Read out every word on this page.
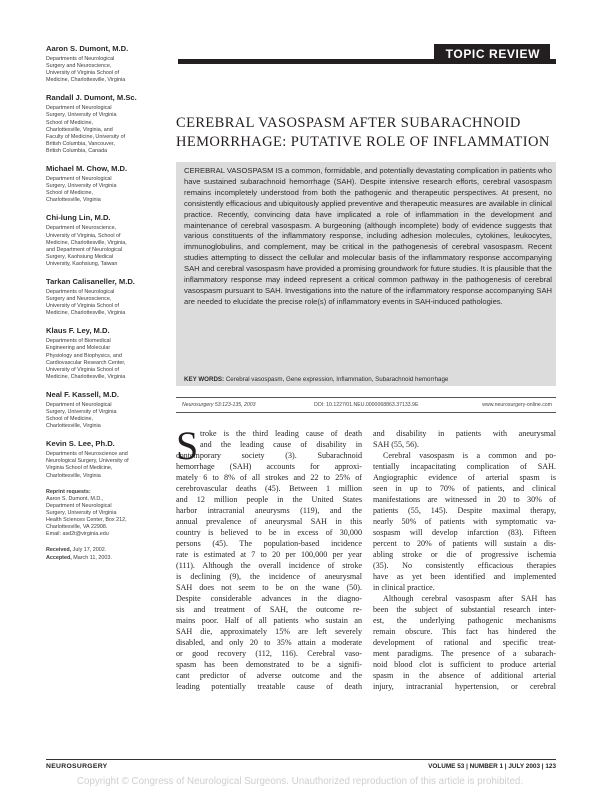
Aaron S. Dumont, M.D.
Departments of Neurological
Surgery and Neuroscience,
University of Virginia School of
Medicine, Charlottesville, Virginia
Randall J. Dumont, M.Sc.
Department of Neurological
Surgery, University of Virginia
School of Medicine,
Charlottesville, Virginia, and
Faculty of Medicine, University of
British Columbia, Vancouver,
British Columbia, Canada
Michael M. Chow, M.D.
Department of Neurological
Surgery, University of Virginia
School of Medicine,
Charlottesville, Virginia
Chi-lung Lin, M.D.
Department of Neuroscience,
University of Virginia, School of
Medicine, Charlottesville, Virginia,
and Department of Neurological
Surgery, Kaohsiung Medical
University, Kaohsiung, Taiwan
Tarkan Calisaneller, M.D.
Departments of Neurological
Surgery and Neuroscience,
University of Virginia School of
Medicine, Charlottesville, Virginia
Klaus F. Ley, M.D.
Departments of Biomedical
Engineering and Molecular
Physiology and Biophysics, and
Cardiovascular Research Center,
University of Virginia School of
Medicine, Charlottesville, Virginia
Neal F. Kassell, M.D.
Department of Neurological
Surgery, University of Virginia
School of Medicine,
Charlottesville, Virginia
Kevin S. Lee, Ph.D.
Departments of Neuroscience and
Neurological Surgery, University of
Virginia School of Medicine,
Charlottesville, Virginia
Reprint requests:
Aaron S. Dumont, M.D.,
Department of Neurological
Surgery, University of Virginia
Health Sciences Center, Box 212,
Charlottesville, VA 22908.
Email: asd2t@virginia.edu
Received, July 17, 2002.
Accepted, March 11, 2003.
TOPIC REVIEW
CEREBRAL VASOSPASM AFTER SUBARACHNOID
HEMORRHAGE: PUTATIVE ROLE OF INFLAMMATION
CEREBRAL VASOSPASM IS a common, formidable, and potentially devastating complication in patients who have sustained subarachnoid hemorrhage (SAH). Despite intensive research efforts, cerebral vasospasm remains incompletely understood from both the pathogenic and therapeutic perspectives. At present, no consistently efficacious and ubiquitously applied preventive and therapeutic measures are available in clinical practice. Recently, convincing data have implicated a role of inflammation in the development and maintenance of cerebral vasospasm. A burgeoning (although incomplete) body of evidence suggests that various constituents of the inflammatory response, including adhesion molecules, cytokines, leukocytes, immunoglobulins, and complement, may be critical in the pathogenesis of cerebral vasospasm. Recent studies attempting to dissect the cellular and molecular basis of the inflammatory response accompanying SAH and cerebral vasospasm have provided a promising groundwork for future studies. It is plausible that the inflammatory response may indeed represent a critical common pathway in the pathogenesis of cerebral vasospasm pursuant to SAH. Investigations into the nature of the inflammatory response accompanying SAH are needed to elucidate the precise role(s) of inflammatory events in SAH-induced pathologies.
KEY WORDS: Cerebral vasospasm, Gene expression, Inflammation, Subarachnoid hemorrhage
Neurosurgery 53:123-135, 2003	DOI: 10.1227/01.NEU.0000068863.37133.9E	www.neurosurgery-online.com
S troke is the third leading cause of death
and the leading cause of disability in
contemporary society (3). Subarachnoid
hemorrhage (SAH) accounts for approxi-
mately 6 to 8% of all strokes and 22 to 25% of
cerebrovascular deaths (45). Between 1 million
and 12 million people in the United States
harbor intracranial aneurysms (119), and the
annual prevalence of aneurysmal SAH in this
country is believed to be in excess of 30,000
persons (45). The population-based incidence
rate is estimated at 7 to 20 per 100,000 per year
(111). Although the overall incidence of stroke
is declining (9), the incidence of aneurysmal
SAH does not seem to be on the wane (50).
Despite considerable advances in the diagno-
sis and treatment of SAH, the outcome re-
mains poor. Half of all patients who sustain an
SAH die, approximately 15% are left severely
disabled, and only 20 to 35% attain a moderate
or good recovery (112, 116). Cerebral vaso-
spasm has been demonstrated to be a signifi-
cant predictor of adverse outcome and the
leading potentially treatable cause of death
and disability in patients with aneurysmal
SAH (55, 56).
Cerebral vasospasm is a common and po-
tentially incapacitating complication of SAH.
Angiographic evidence of arterial spasm is
seen in up to 70% of patients, and clinical
manifestations are witnessed in 20 to 30% of
patients (55, 145). Despite maximal therapy,
nearly 50% of patients with symptomatic va-
sospasm will develop infarction (83). Fifteen
percent to 20% of patients will sustain a dis-
abling stroke or die of progressive ischemia
(35). No consistently efficacious therapies
have as yet been identified and implemented
in clinical practice.
Although cerebral vasospasm after SAH has
been the subject of substantial research inter-
est, the underlying pathogenic mechanisms
remain obscure. This fact has hindered the
development of rational and specific treat-
ment paradigms. The presence of a subarach-
noid blood clot is sufficient to produce arterial
spasm in the absence of additional arterial
injury, intracranial hypertension, or cerebral
NEUROSURGERY	VOLUME 53 | NUMBER 1 | JULY 2003 | 123
Copyright © Congress of Neurological Surgeons. Unauthorized reproduction of this article is prohibited.
